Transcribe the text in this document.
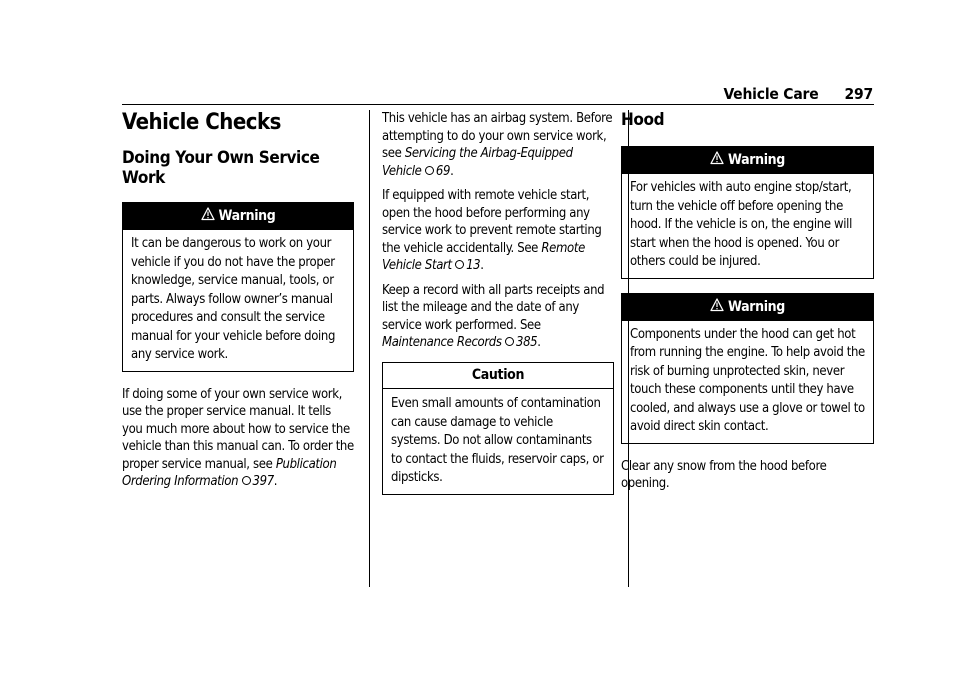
Vehicle Care 297
Vehicle Checks
Doing Your Own Service Work
Warning
It can be dangerous to work on your vehicle if you do not have the proper knowledge, service manual, tools, or parts. Always follow owner’s manual procedures and consult the service manual for your vehicle before doing any service work.

If doing some of your own service work, use the proper service manual. It tells you much more about how to service the vehicle than this manual can. To order the proper service manual, see Publication Ordering Information 397.

This vehicle has an airbag system. Before attempting to do your own service work, see Servicing the Airbag-Equipped Vehicle 69.

If equipped with remote vehicle start, open the hood before performing any service work to prevent remote starting the vehicle accidentally. See Remote Vehicle Start 13.

Keep a record with all parts receipts and list the mileage and the date of any service work performed. See Maintenance Records 385.

Caution
Even small amounts of contamination can cause damage to vehicle systems. Do not allow contaminants to contact the fluids, reservoir caps, or dipsticks.
Hood
Warning
For vehicles with auto engine stop/start, turn the vehicle off before opening the hood. If the vehicle is on, the engine will start when the hood is opened. You or others could be injured.
Warning
Components under the hood can get hot from running the engine. To help avoid the risk of burning unprotected skin, never touch these components until they have cooled, and always use a glove or towel to avoid direct skin contact.

Clear any snow from the hood before opening.
